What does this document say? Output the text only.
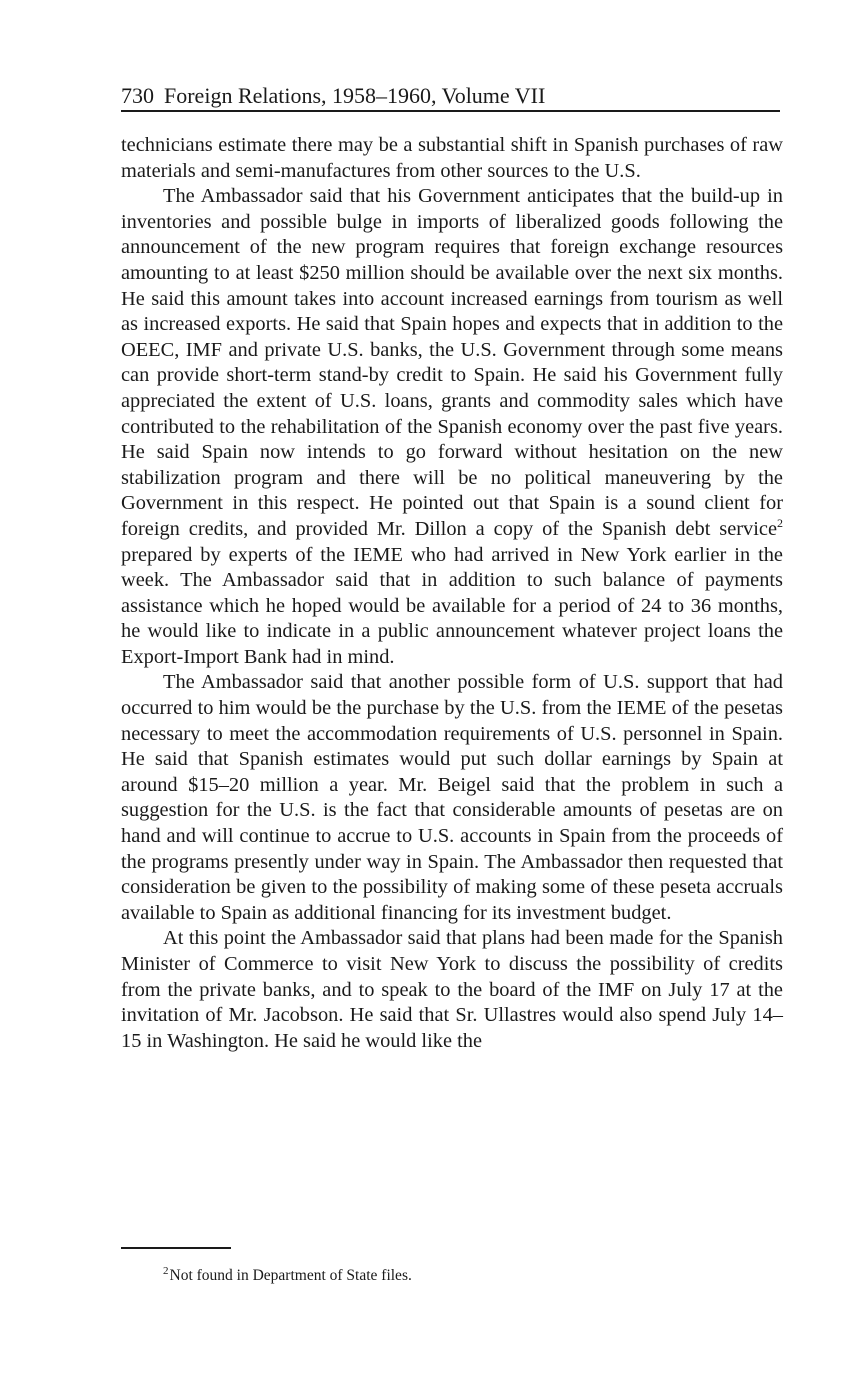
730 Foreign Relations, 1958–1960, Volume VII

technicians estimate there may be a substantial shift in Spanish purchases of raw materials and semi-manufactures from other sources to the U.S.

The Ambassador said that his Government anticipates that the build-up in inventories and possible bulge in imports of liberalized goods following the announcement of the new program requires that foreign exchange resources amounting to at least $250 million should be available over the next six months. He said this amount takes into account increased earnings from tourism as well as increased exports. He said that Spain hopes and expects that in addition to the OEEC, IMF and private U.S. banks, the U.S. Government through some means can provide short-term stand-by credit to Spain. He said his Government fully appreciated the extent of U.S. loans, grants and commodity sales which have contributed to the rehabilitation of the Spanish economy over the past five years. He said Spain now intends to go forward without hesitation on the new stabilization program and there will be no political maneuvering by the Government in this respect. He pointed out that Spain is a sound client for foreign credits, and provided Mr. Dillon a copy of the Spanish debt service$^2$ prepared by experts of the IEME who had arrived in New York earlier in the week. The Ambassador said that in addition to such balance of payments assistance which he hoped would be available for a period of 24 to 36 months, he would like to indicate in a public announcement whatever project loans the Export-Import Bank had in mind.

The Ambassador said that another possible form of U.S. support that had occurred to him would be the purchase by the U.S. from the IEME of the pesetas necessary to meet the accommodation requirements of U.S. personnel in Spain. He said that Spanish estimates would put such dollar earnings by Spain at around $15–20 million a year. Mr. Beigel said that the problem in such a suggestion for the U.S. is the fact that considerable amounts of pesetas are on hand and will continue to accrue to U.S. accounts in Spain from the proceeds of the programs presently under way in Spain. The Ambassador then requested that consideration be given to the possibility of making some of these peseta accruals available to Spain as additional financing for its investment budget.

At this point the Ambassador said that plans had been made for the Spanish Minister of Commerce to visit New York to discuss the possibility of credits from the private banks, and to speak to the board of the IMF on July 17 at the invitation of Mr. Jacobson. He said that Sr. Ullastres would also spend July 14–15 in Washington. He said he would like the

$^2$Not found in Department of State files.
